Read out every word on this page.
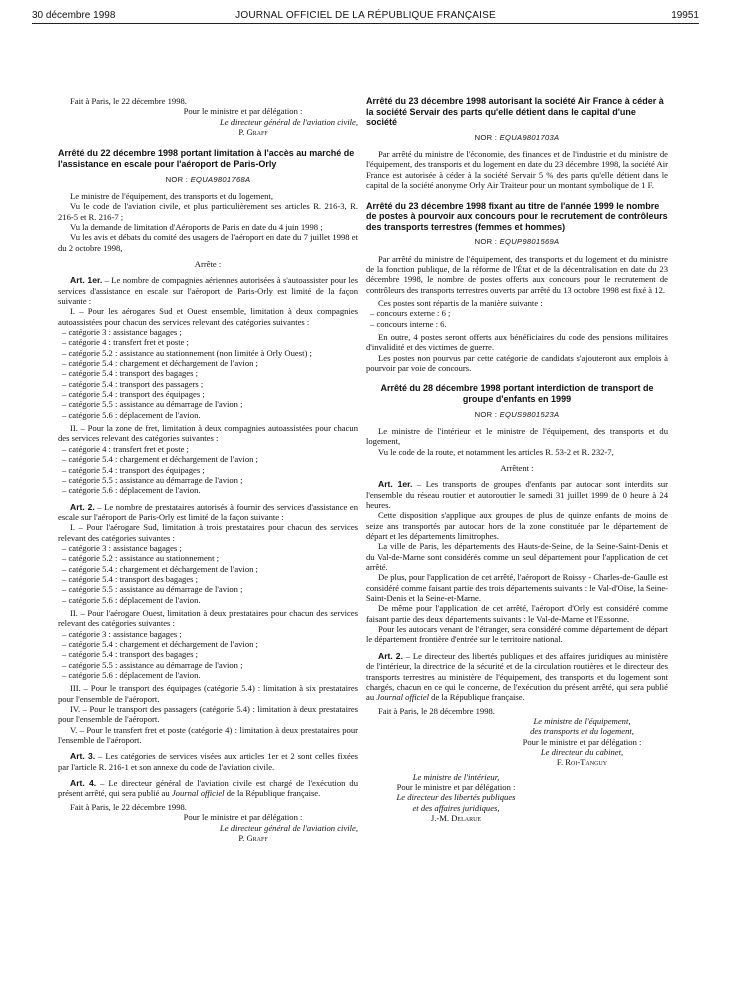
30 décembre 1998	JOURNAL OFFICIEL DE LA RÉPUBLIQUE FRANÇAISE	19951

Fait à Paris, le 22 décembre 1998.

Pour le ministre et par délégation :

Le directeur général de l'aviation civile,

P. Graff

Arrêté du 22 décembre 1998 portant limitation à l'accès au marché de l'assistance en escale pour l'aéroport de Paris-Orly

NOR : EQUA9801768A

Le ministre de l'équipement, des transports et du logement,

Vu le code de l'aviation civile, et plus particulièrement ses articles R. 216-3, R. 216-5 et R. 216-7 ;

Vu la demande de limitation d'Aéroports de Paris en date du 4 juin 1998 ;

Vu les avis et débats du comité des usagers de l'aéroport en date du 7 juillet 1998 et du 2 octobre 1998,

Arrête :

Art. 1er. – Le nombre de compagnies aériennes autorisées à s'autoassister pour les services d'assistance en escale sur l'aéroport de Paris-Orly est limité de la façon suivante :

I. – Pour les aérogares Sud et Ouest ensemble, limitation à deux compagnies autoassistées pour chacun des services relevant des catégories suivantes :

– catégorie 3 : assistance bagages ;

– catégorie 4 : transfert fret et poste ;

– catégorie 5.2 : assistance au stationnement (non limitée à Orly Ouest) ;

– catégorie 5.4 : chargement et déchargement de l'avion ;

– catégorie 5.4 : transport des bagages ;

– catégorie 5.4 : transport des passagers ;

– catégorie 5.4 : transport des équipages ;

– catégorie 5.5 : assistance au démarrage de l'avion ;

– catégorie 5.6 : déplacement de l'avion.

II. – Pour la zone de fret, limitation à deux compagnies autoassistées pour chacun des services relevant des catégories suivantes :

– catégorie 4 : transfert fret et poste ;

– catégorie 5.4 : chargement et déchargement de l'avion ;

– catégorie 5.4 : transport des équipages ;

– catégorie 5.5 : assistance au démarrage de l'avion ;

– catégorie 5.6 : déplacement de l'avion.

Art. 2. – Le nombre de prestataires autorisés à fournir des services d'assistance en escale sur l'aéroport de Paris-Orly est limité de la façon suivante :

I. – Pour l'aérogare Sud, limitation à trois prestataires pour chacun des services relevant des catégories suivantes :

– catégorie 3 : assistance bagages ;

– catégorie 5.2 : assistance au stationnement ;

– catégorie 5.4 : chargement et déchargement de l'avion ;

– catégorie 5.4 : transport des bagages ;

– catégorie 5.5 : assistance au démarrage de l'avion ;

– catégorie 5.6 : déplacement de l'avion.

II. – Pour l'aérogare Ouest, limitation à deux prestataires pour chacun des services relevant des catégories suivantes :

– catégorie 3 : assistance bagages ;

– catégorie 5.4 : chargement et déchargement de l'avion ;

– catégorie 5.4 : transport des bagages ;

– catégorie 5.5 : assistance au démarrage de l'avion ;

– catégorie 5.6 : déplacement de l'avion.

III. – Pour le transport des équipages (catégorie 5.4) : limitation à six prestataires pour l'ensemble de l'aéroport.

IV. – Pour le transport des passagers (catégorie 5.4) : limitation à deux prestataires pour l'ensemble de l'aéroport.

V. – Pour le transfert fret et poste (catégorie 4) : limitation à deux prestataires pour l'ensemble de l'aéroport.

Art. 3. – Les catégories de services visées aux articles 1er et 2 sont celles fixées par l'article R. 216-1 et son annexe du code de l'aviation civile.

Art. 4. – Le directeur général de l'aviation civile est chargé de l'exécution du présent arrêté, qui sera publié au Journal officiel de la République française.

Fait à Paris, le 22 décembre 1998.

Pour le ministre et par délégation :

Le directeur général de l'aviation civile,

P. Graff

Arrêté du 23 décembre 1998 autorisant la société Air France à céder à la société Servair des parts qu'elle détient dans le capital d'une société

NOR : EQUA9801703A

Par arrêté du ministre de l'économie, des finances et de l'industrie et du ministre de l'équipement, des transports et du logement en date du 23 décembre 1998, la société Air France est autorisée à céder à la société Servair 5 % des parts qu'elle détient dans le capital de la société anonyme Orly Air Traiteur pour un montant symbolique de 1 F.

Arrêté du 23 décembre 1998 fixant au titre de l'année 1999 le nombre de postes à pourvoir aux concours pour le recrutement de contrôleurs des transports terrestres (femmes et hommes)

NOR : EQUP9801569A

Par arrêté du ministre de l'équipement, des transports et du logement et du ministre de la fonction publique, de la réforme de l'État et de la décentralisation en date du 23 décembre 1998, le nombre de postes offerts aux concours pour le recrutement de contrôleurs des transports terrestres ouverts par arrêté du 13 octobre 1998 est fixé à 12.

Ces postes sont répartis de la manière suivante :

– concours externe : 6 ;

– concours interne : 6.

En outre, 4 postes seront offerts aux bénéficiaires du code des pensions militaires d'invalidité et des victimes de guerre.

Les postes non pourvus par cette catégorie de candidats s'ajouteront aux emplois à pourvoir par voie de concours.

Arrêté du 28 décembre 1998 portant interdiction de transport de groupe d'enfants en 1999

NOR : EQUS9801523A

Le ministre de l'intérieur et le ministre de l'équipement, des transports et du logement,

Vu le code de la route, et notamment les articles R. 53-2 et R. 232-7,

Arrêtent :

Art. 1er. – Les transports de groupes d'enfants par autocar sont interdits sur l'ensemble du réseau routier et autoroutier le samedi 31 juillet 1999 de 0 heure à 24 heures.

Cette disposition s'applique aux groupes de plus de quinze enfants de moins de seize ans transportés par autocar hors de la zone constituée par le département de départ et les départements limitrophes.

La ville de Paris, les départements des Hauts-de-Seine, de la Seine-Saint-Denis et du Val-de-Marne sont considérés comme un seul département pour l'application de cet arrêté.

De plus, pour l'application de cet arrêté, l'aéroport de Roissy - Charles-de-Gaulle est considéré comme faisant partie des trois départements suivants : le Val-d'Oise, la Seine-Saint-Denis et la Seine-et-Marne.

De même pour l'application de cet arrêté, l'aéroport d'Orly est considéré comme faisant partie des deux départements suivants : le Val-de-Marne et l'Essonne.

Pour les autocars venant de l'étranger, sera considéré comme département de départ le département frontière d'entrée sur le territoire national.

Art. 2. – Le directeur des libertés publiques et des affaires juridiques au ministère de l'intérieur, la directrice de la sécurité et de la circulation routières et le directeur des transports terrestres au ministère de l'équipement, des transports et du logement sont chargés, chacun en ce qui le concerne, de l'exécution du présent arrêté, qui sera publié au Journal officiel de la République française.

Fait à Paris, le 28 décembre 1998.

Le ministre de l'équipement,

des transports et du logement,

Pour le ministre et par délégation :

Le directeur du cabinet,

F. Roi-Tanguy

Le ministre de l'intérieur,

Pour le ministre et par délégation :

Le directeur des libertés publiques

et des affaires juridiques,

J.-M. Delarue
